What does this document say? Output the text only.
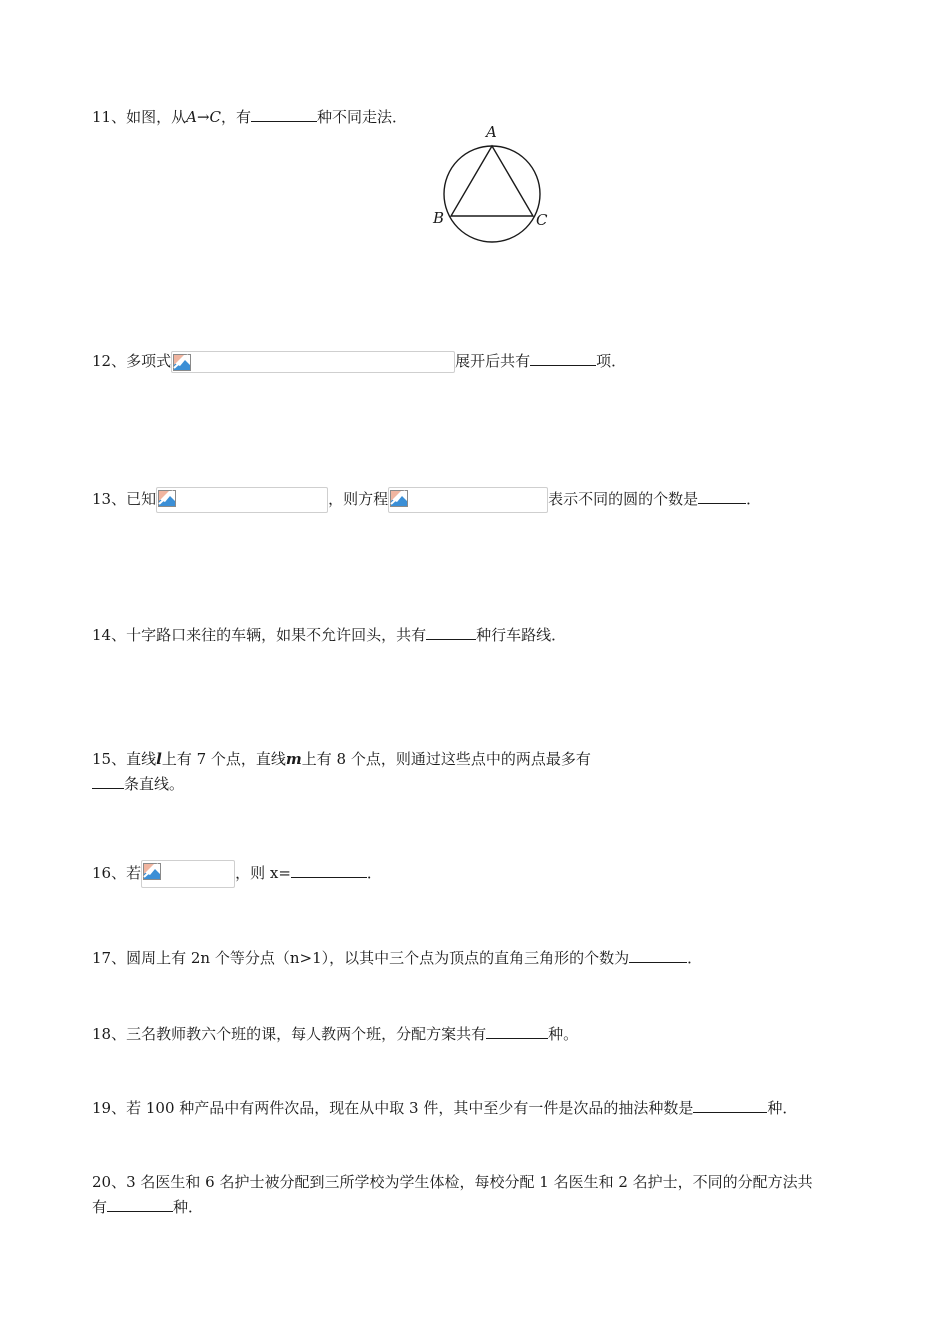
11、如图，从A→C，有	种不同走法．
A
B	C
12、多项式	展开后共有	项．
13、已知	，则方程	表示不同的圆的个数是	．
14、十字路口来往的车辆，如果不允许回头，共有	种行车路线．
15、直线l上有 7 个点，直线m上有 8 个点，则通过这些点中的两点最多有
条直线。
16、若	，则 x=	．
17、圆周上有 2n 个等分点（n>1），以其中三个点为顶点的直角三角形的个数为	．
18、三名教师教六个班的课，每人教两个班，分配方案共有	种。
19、若 100 种产品中有两件次品，现在从中取 3 件，其中至少有一件是次品的抽法种数是	种．
20、3 名医生和 6 名护士被分配到三所学校为学生体检，每校分配 1 名医生和 2 名护士，不同的分配方法共
有	种．
